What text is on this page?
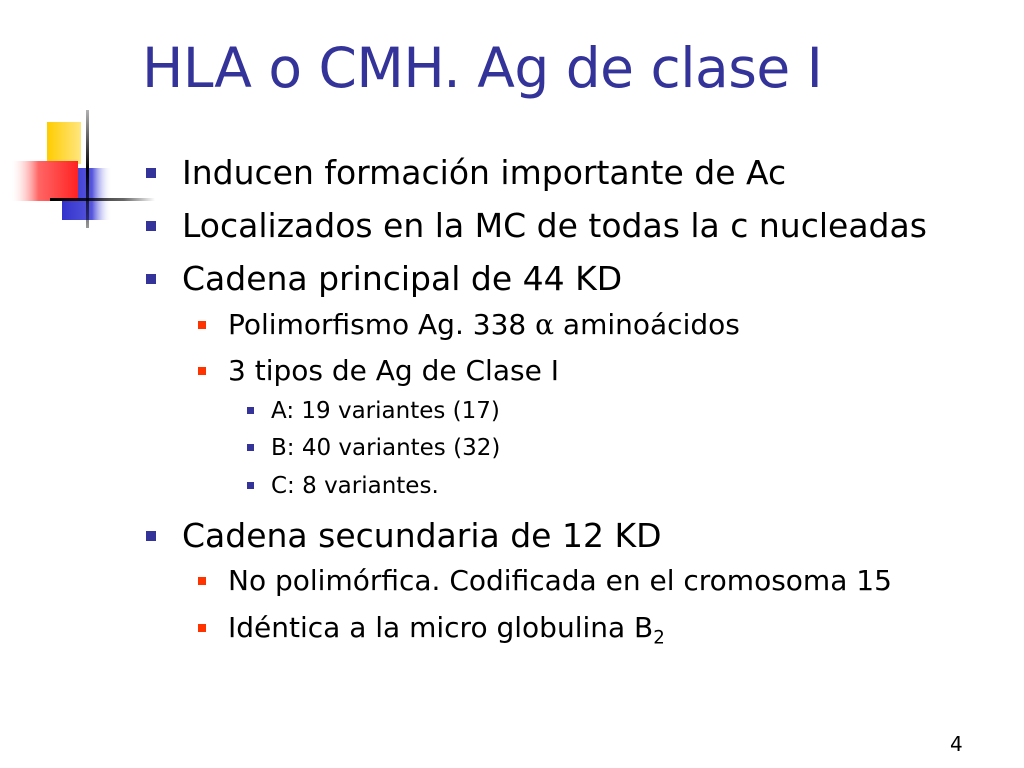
HLA o CMH. Ag de clase I
Inducen formación importante de Ac
Localizados en la MC de todas la c nucleadas
Cadena principal de 44 KD
Polimorfismo Ag. 338 α aminoácidos
3 tipos de Ag de Clase I
A: 19 variantes (17)
B: 40 variantes (32)
C: 8 variantes.
Cadena secundaria de 12 KD
No polimórfica. Codificada en el cromosoma 15
Idéntica a la micro globulina $B_2$
4
